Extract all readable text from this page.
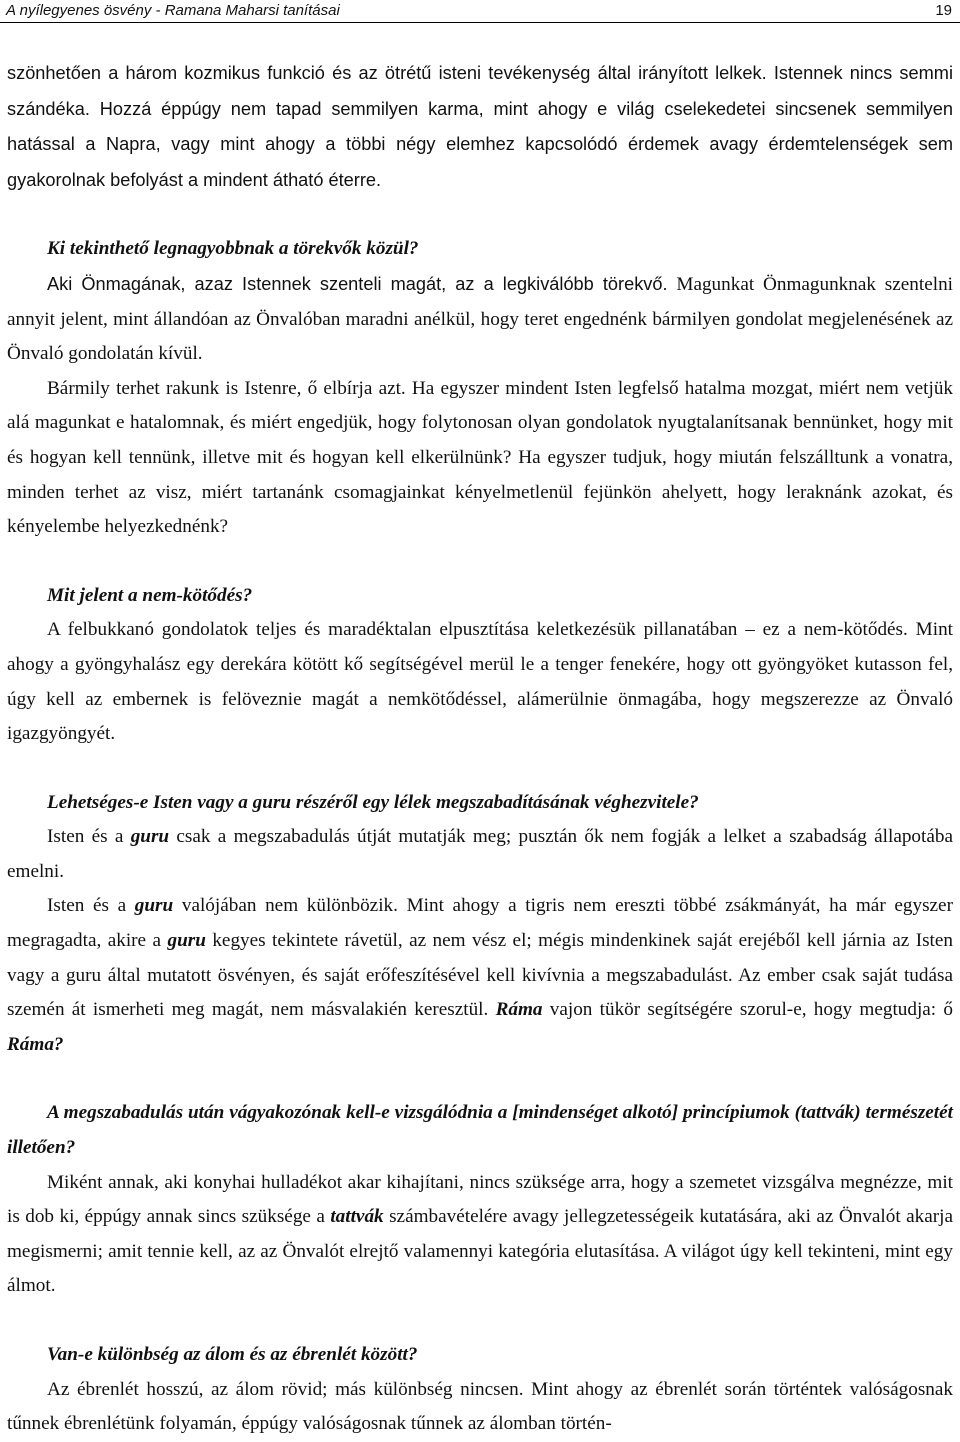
A nyílegyenes ösvény - Ramana Maharsi tanításai	19

szönhetően a három kozmikus funkció és az ötrétű isteni tevékenység által irányított lelkek. Istennek nincs semmi szándéka. Hozzá éppúgy nem tapad semmilyen karma, mint ahogy e világ cselekedetei sincsenek semmilyen hatással a Napra, vagy mint ahogy a többi négy elemhez kapcsolódó érdemek avagy érdemtelenségek sem gyakorolnak befolyást a mindent átható éterre.

Ki tekinthető legnagyobbnak a törekvők közül?

Aki Önmagának, azaz Istennek szenteli magát, az a legkiválóbb törekvő. Magunkat Önmagunknak szentelni annyit jelent, mint állandóan az Önvalóban maradni anélkül, hogy teret engednénk bármilyen gondolat megjelenésének az Önvaló gondolatán kívül.

Bármily terhet rakunk is Istenre, ő elbírja azt. Ha egyszer mindent Isten legfelső hatalma mozgat, miért nem vetjük alá magunkat e hatalomnak, és miért engedjük, hogy folytonosan olyan gondolatok nyugtalanítsanak bennünket, hogy mit és hogyan kell tennünk, illetve mit és hogyan kell elkerülnünk? Ha egyszer tudjuk, hogy miután felszálltunk a vonatra, minden terhet az visz, miért tartanánk csomagjainkat kényelmetlenül fejünkön ahelyett, hogy leraknánk azokat, és kényelembe helyezkednénk?

Mit jelent a nem-kötődés?

A felbukkanó gondolatok teljes és maradéktalan elpusztítása keletkezésük pillanatában ‒ ez a nem-kötődés. Mint ahogy a gyöngyhalász egy derekára kötött kő segítségével merül le a tenger fenekére, hogy ott gyöngyöket kutasson fel, úgy kell az embernek is felöveznie magát a nemkötődéssel, alámerülnie önmagába, hogy megszerezze az Önvaló igazgyöngyét.

Lehetséges-e Isten vagy a guru részéről egy lélek megszabadításának véghezvitele?

Isten és a guru csak a megszabadulás útját mutatják meg; pusztán ők nem fogják a lelket a szabadság állapotába emelni.

Isten és a guru valójában nem különbözik. Mint ahogy a tigris nem ereszti többé zsákmányát, ha már egyszer megragadta, akire a guru kegyes tekintete rávetül, az nem vész el; mégis mindenkinek saját erejéből kell járnia az Isten vagy a guru által mutatott ösvényen, és saját erőfeszítésével kell kivívnia a megszabadulást. Az ember csak saját tudása szemén át ismerheti meg magát, nem másvalakién keresztül. Ráma vajon tükör segítségére szorul-e, hogy megtudja: ő Ráma?

A megszabadulás után vágyakozónak kell-e vizsgálódnia a [mindenséget alkotó] princípiumok (tattvák) természetét illetően?

Miként annak, aki konyhai hulladékot akar kihajítani, nincs szüksége arra, hogy a szemetet vizsgálva megnézze, mit is dob ki, éppúgy annak sincs szüksége a tattvák számbavételére avagy jellegzetességeik kutatására, aki az Önvalót akarja megismerni; amit tennie kell, az az Önvalót elrejtő valamennyi kategória elutasítása. A világot úgy kell tekinteni, mint egy álmot.

Van-e különbség az álom és az ébrenlét között?

Az ébrenlét hosszú, az álom rövid; más különbség nincsen. Mint ahogy az ébrenlét során történtek valóságosnak tűnnek ébrenlétünk folyamán, éppúgy valóságosnak tűnnek az álomban történ-
